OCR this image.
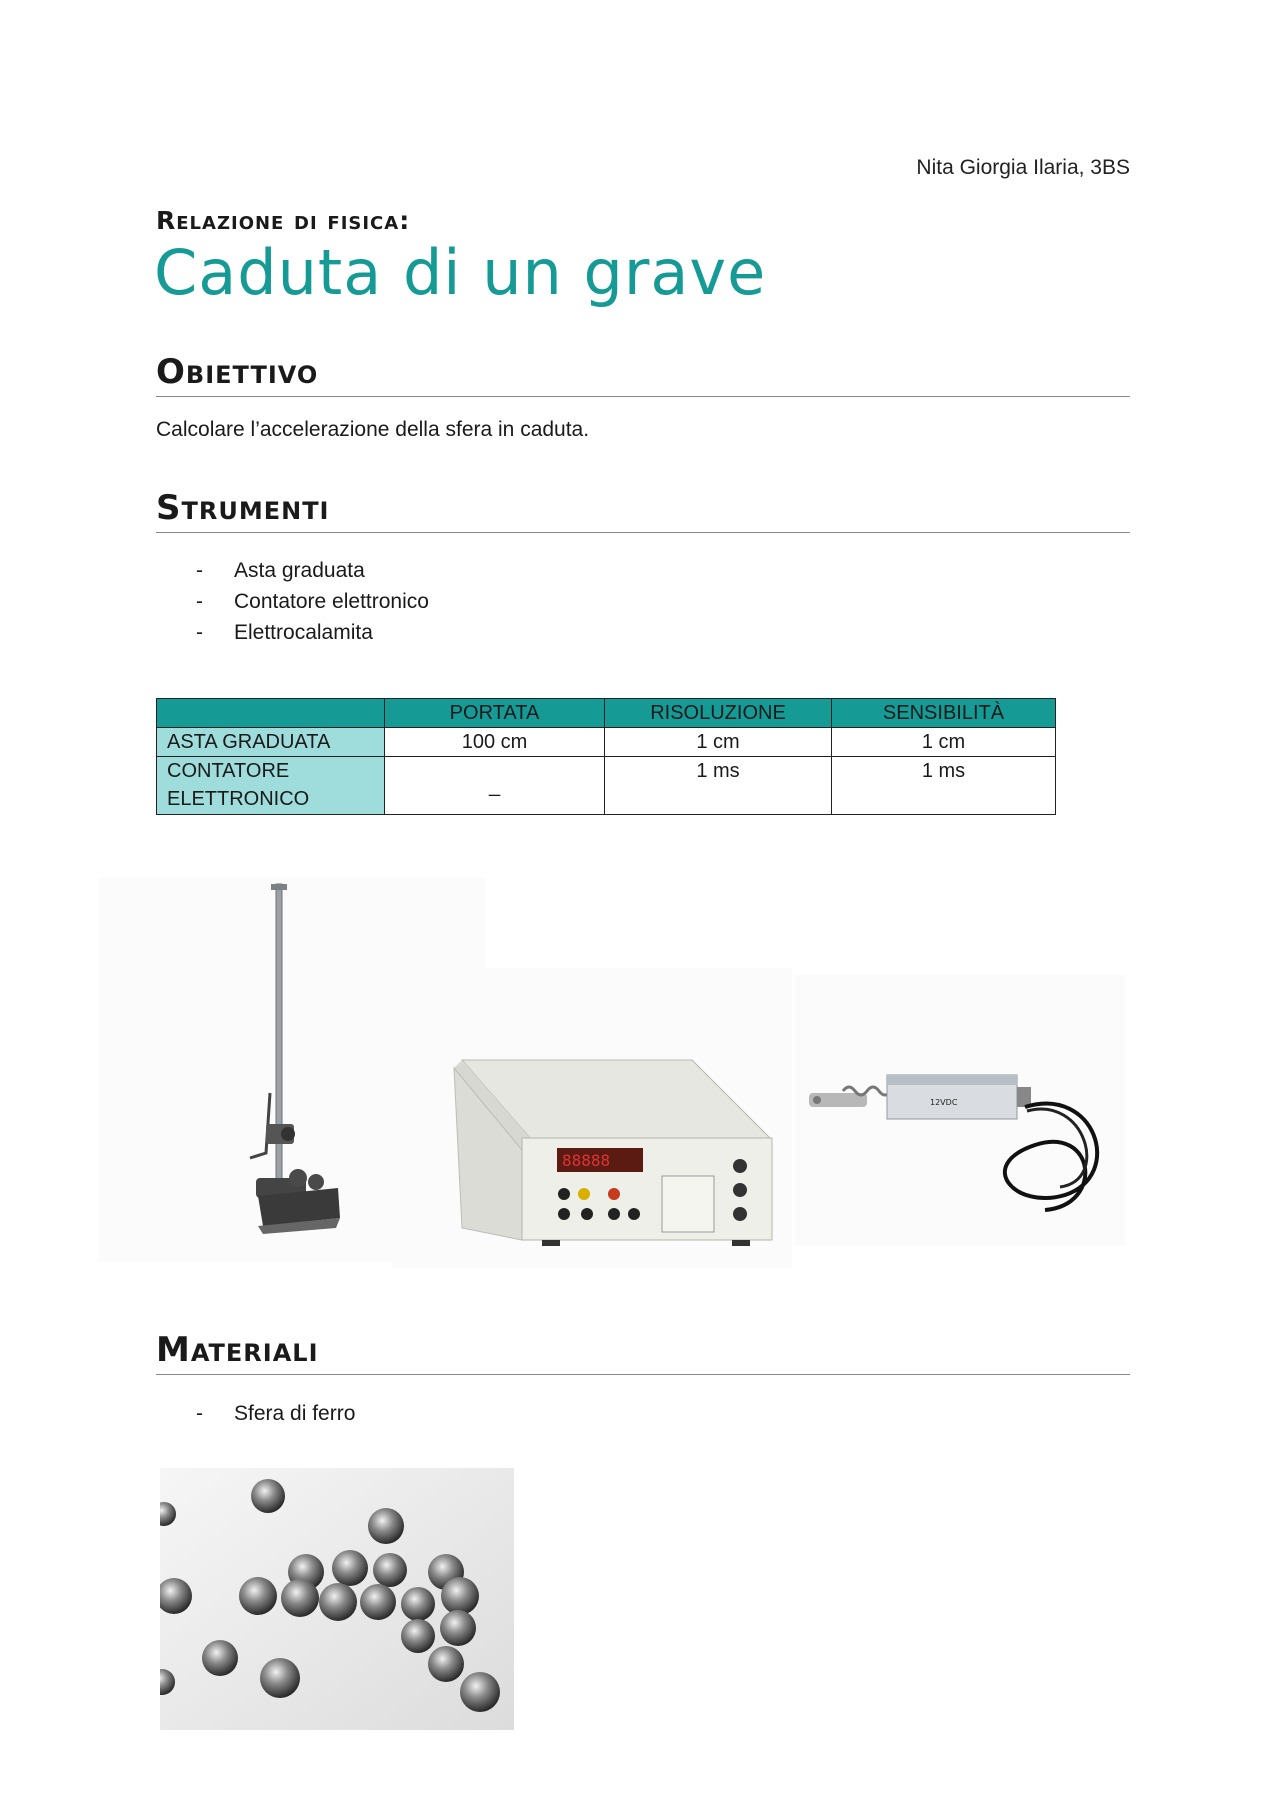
Nita Giorgia Ilaria, 3BS
Relazione di fisica:
Caduta di un grave
Obiettivo
Calcolare l’accelerazione della sfera in caduta.
Strumenti
- Asta graduata
- Contatore elettronico
- Elettrocalamita
	PORTATA	RISOLUZIONE	SENSIBILITÀ
ASTA GRADUATA	100 cm	1 cm	1 cm

CONTATORE
ELETTRONICO	_	1 ms	1 ms
88888
12VDC
Materiali
- Sfera di ferro
